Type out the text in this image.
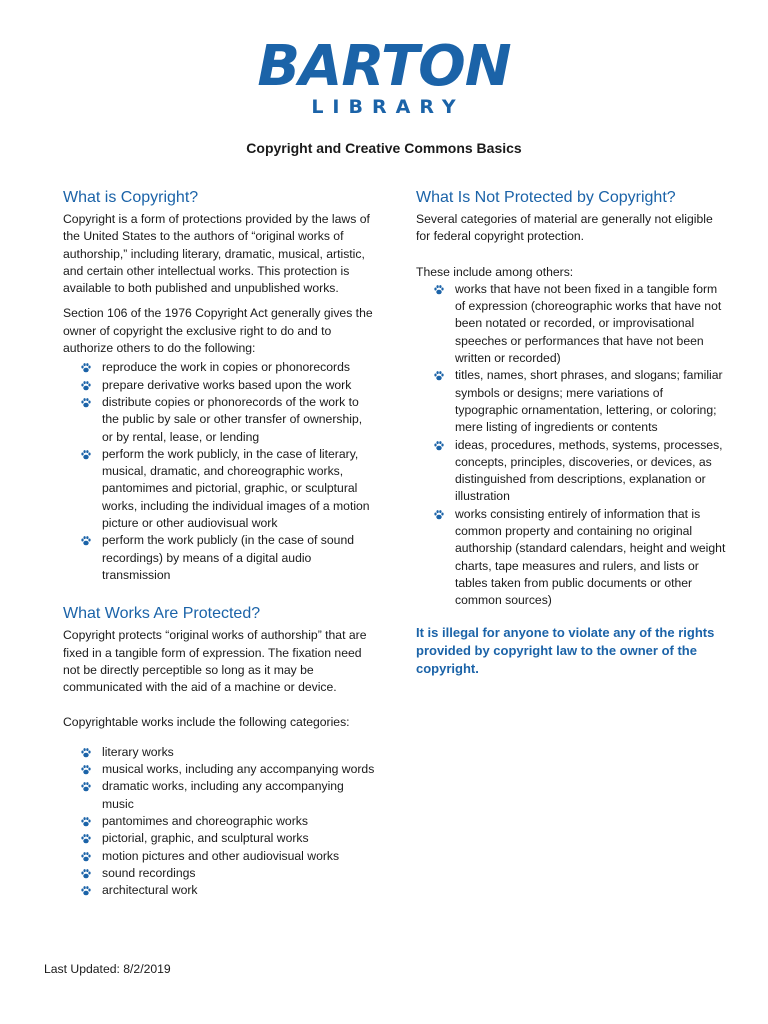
BARTON
LIBRARY
Copyright and Creative Commons Basics
What is Copyright?

Copyright is a form of protections provided by the laws of the United States to the authors of “original works of authorship,” including literary, dramatic, musical, artistic, and certain other intellectual works. This protection is available to both published and unpublished works.

Section 106 of the 1976 Copyright Act generally gives the owner of copyright the exclusive right to do and to authorize others to do the following:

reproduce the work in copies or phonorecords
prepare derivative works based upon the work
distribute copies or phonorecords of the work to the public by sale or other transfer of ownership, or by rental, lease, or lending
perform the work publicly, in the case of literary, musical, dramatic, and choreographic works, pantomimes and pictorial, graphic, or sculptural works, including the individual images of a motion picture or other audiovisual work
perform the work publicly (in the case of sound recordings) by means of a digital audio transmission
What Works Are Protected?

Copyright protects “original works of authorship” that are fixed in a tangible form of expression. The fixation need not be directly perceptible so long as it may be communicated with the aid of a machine or device.

Copyrightable works include the following categories:

literary works
musical works, including any accompanying words
dramatic works, including any accompanying music
pantomimes and choreographic works
pictorial, graphic, and sculptural works
motion pictures and other audiovisual works
sound recordings
architectural work
What Is Not Protected by Copyright?

Several categories of material are generally not eligible for federal copyright protection.

These include among others:

works that have not been fixed in a tangible form of expression (choreographic works that have not been notated or recorded, or improvisational speeches or performances that have not been written or recorded)
titles, names, short phrases, and slogans; familiar symbols or designs; mere variations of typographic ornamentation, lettering, or coloring; mere listing of ingredients or contents
ideas, procedures, methods, systems, processes, concepts, principles, discoveries, or devices, as distinguished from descriptions, explanation or illustration
works consisting entirely of information that is common property and containing no original authorship (standard calendars, height and weight charts, tape measures and rulers, and lists or tables taken from public documents or other common sources)
It is illegal for anyone to violate any of the rights provided by copyright law to the owner of the copyright.
Last Updated: 8/2/2019
